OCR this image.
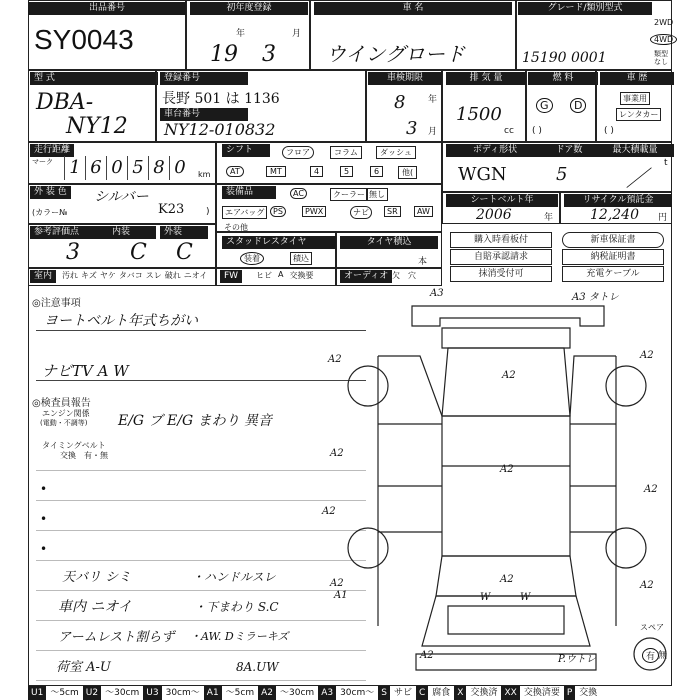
出品番号
SY0043
初年度登録
年	月
19 3
車 名
ウイングロード
グレード/類別型式
15190 0001
2WD
4WD
類型なし
型 式
DBA-
NY12
登録番号
長野 501 は 1136
車台番号
NY12-010832
車検期限
8	年
3 月
排 気 量
1500
cc
燃 料
G	D
( )
車 歴
事業用
レンタカー
( )
走行距離
マーク 1 6 0 5 8 0	km
シフト	フロア	コラム	ダッシュ
AT	MT	4	5	6	他(
ボディ形状	ドア数	最大積載量
WGN	5	／
t
外 装 色 シルバー
(カラー№	K23 )
装備品	AC	クーラー 無し
エアバッグ	PS	PWX	ナビ	SR	AW
その他
シートベルト年
2006	年
リサイクル預託金
12,240 円
参考評価点	内装	外装
3 C C	スタッドレスタイヤ
装着	積込
タイヤ積込
本
購入時看板付	新車保証書
自賠承認請求	納税証明書
抹消受付可	充電ケーブル
室内	汚れ キズ ヤケ タバコ スレ 破れ ニオイ	FW	ヒビ A 交換要	オーディオ 欠 穴
◎注意事項
ヨートベルト年式ちがい
ナビTV A W
◎検査員報告
エンジン関係
(電動・不調等) E/G ブ E/G まわり 異音
タイミングベルト
交換　有・無
•
•
•
天バリ シミ	・ハンドルスレ
車内 ニオイ	・下まわり S.C
アームレスト割らず ・AW. Dミラーキズ
荷室 A-U	8A.UW
A3	A3 タトレ
A2
A2
A2
A2
A2
A2
A2
A2
A1
A2
A2	P.ウトレ
W	W
A2
スペア
有 無
U1 〜5cm U2 〜30cm U3 30cm〜 A1 〜5cm A2 〜30cm A3 30cm〜 S サビ C 腐食 X 交換済 XX 交換済要 P 交換
